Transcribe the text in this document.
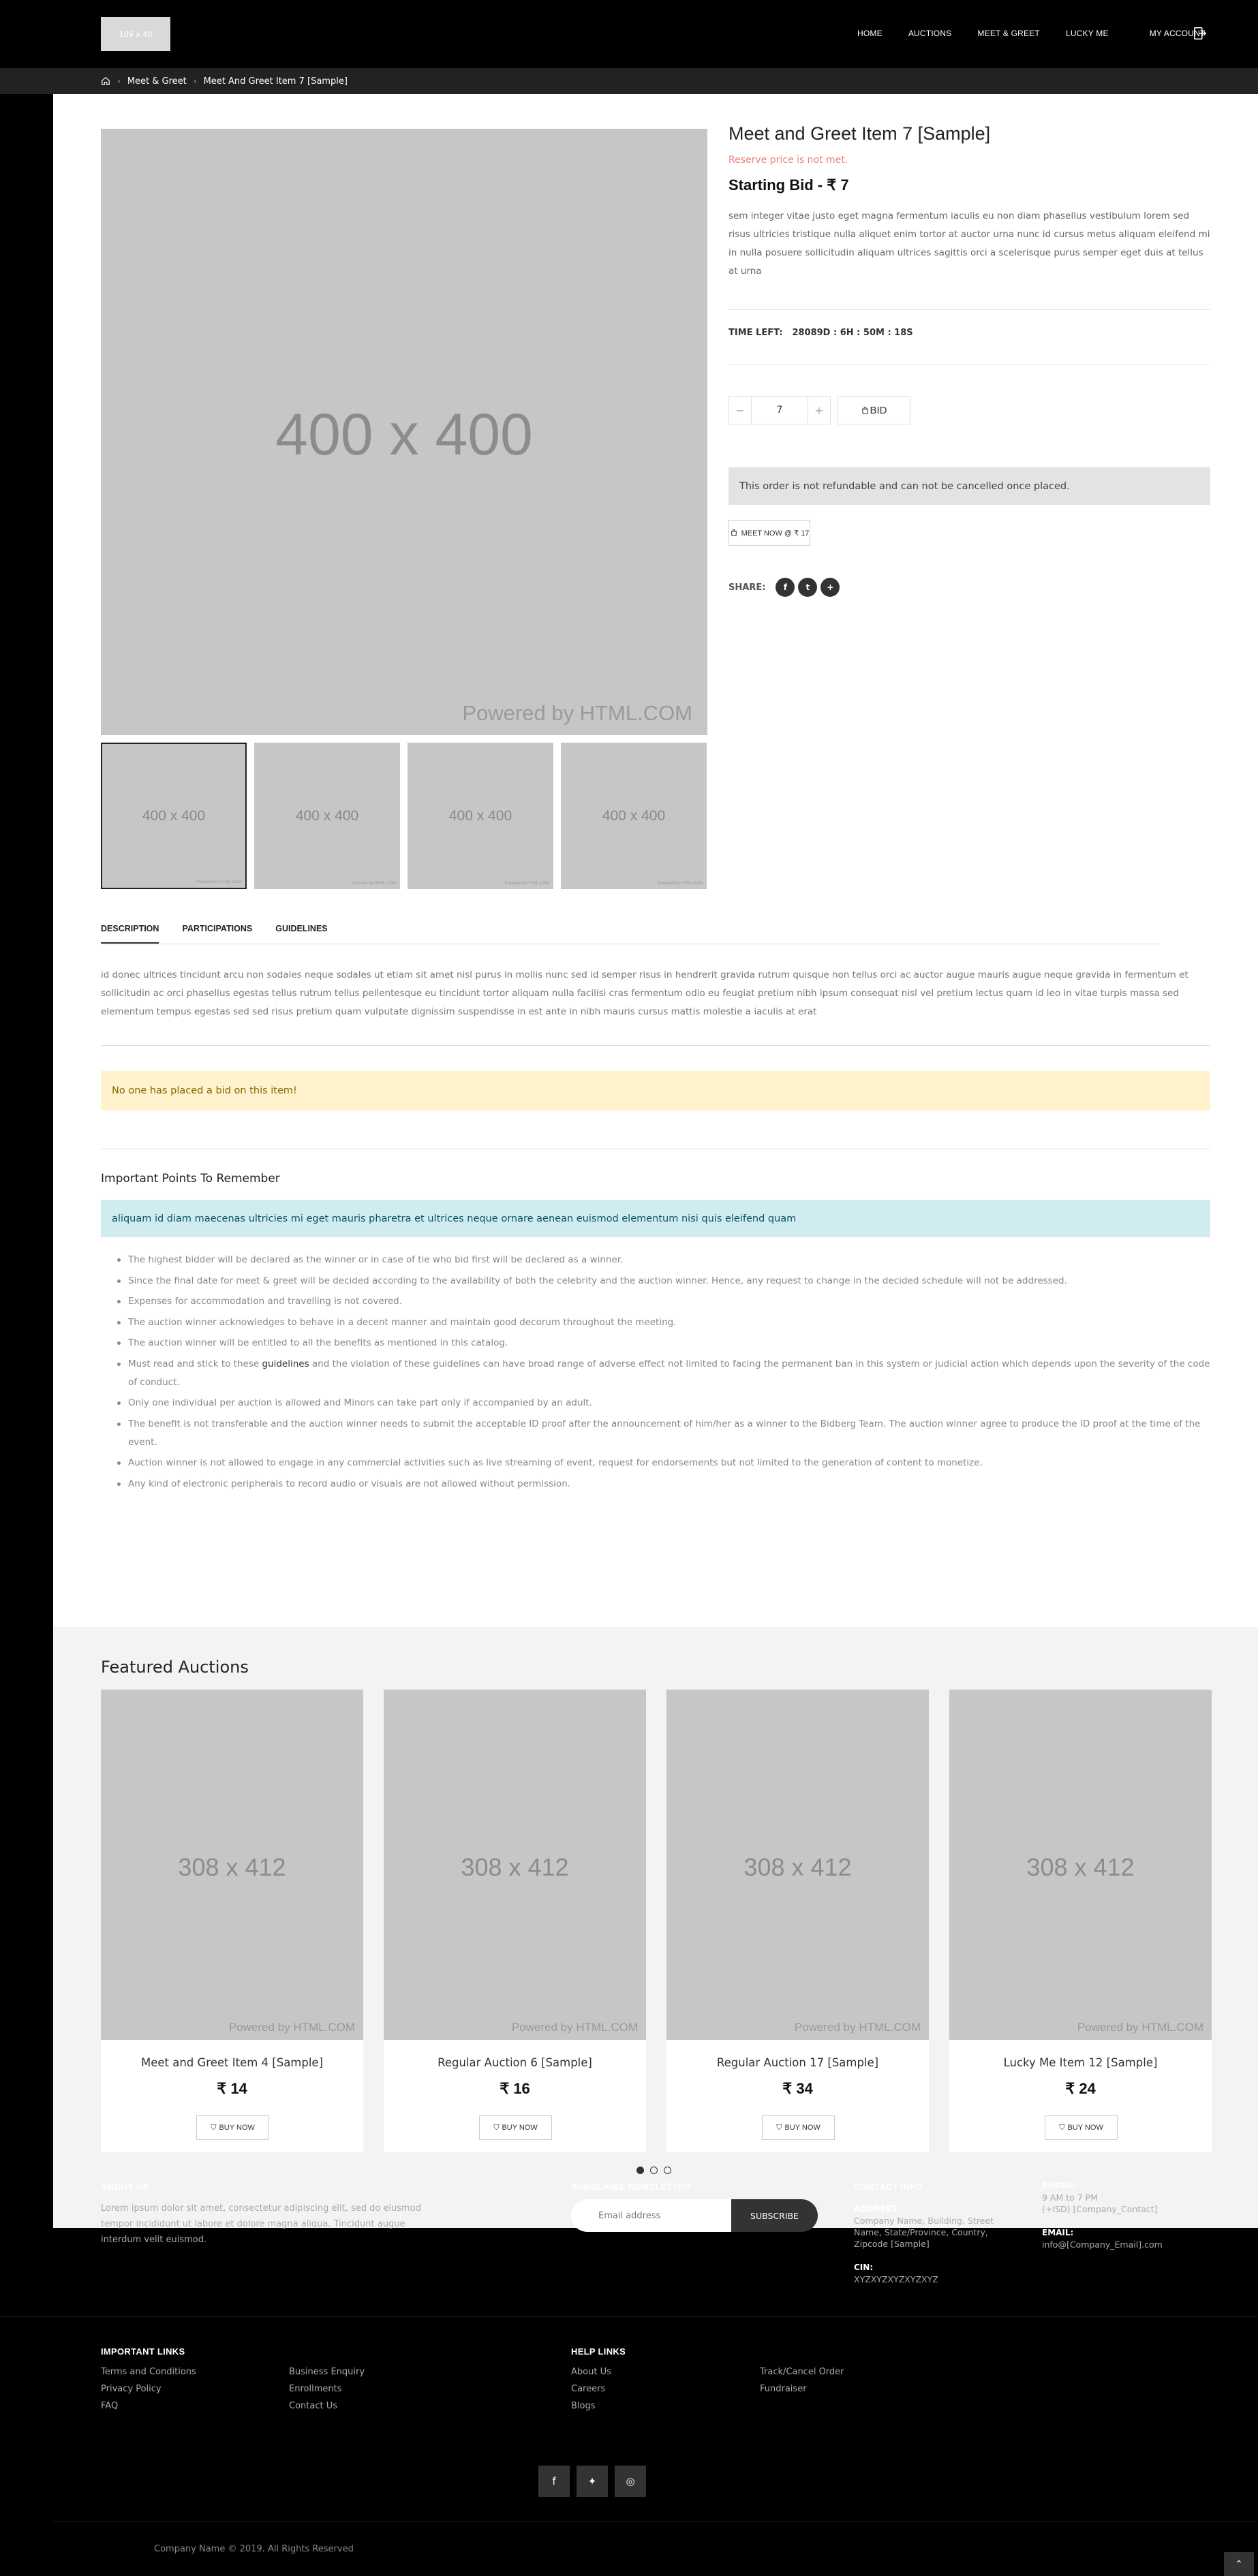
109 x 40	HOME	AUCTIONS	MEET & GREET	LUCKY ME	MY ACCOUNT
› Meet & Greet › Meet And Greet Item 7 [Sample]
400 x 400
Powered by HTML.COM
400 x 400
Powered by HTML.COM
400 x 400
Powered by HTML.COM
400 x 400
Powered by HTML.COM
400 x 400
Powered by HTML.COM
Meet and Greet Item 7 [Sample]
Reserve price is not met.
Starting Bid - ₹ 7
sem integer vitae justo eget magna fermentum iaculis eu non diam phasellus vestibulum lorem sed risus ultricies tristique nulla aliquet enim tortor at auctor urna nunc id cursus metus aliquam eleifend mi in nulla posuere sollicitudin aliquam ultrices sagittis orci a scelerisque purus semper eget duis at tellus at urna
TIME LEFT: 28089D : 6H : 50M : 18S
−	7	+	BID
This order is not refundable and can not be cancelled once placed.
MEET NOW @ ₹ 17
SHARE:	f	t	+
DESCRIPTION	PARTICIPATIONS	GUIDELINES
id donec ultrices tincidunt arcu non sodales neque sodales ut etiam sit amet nisl purus in mollis nunc sed id semper risus in hendrerit gravida rutrum quisque non tellus orci ac auctor augue mauris augue neque gravida in fermentum et sollicitudin ac orci phasellus egestas tellus rutrum tellus pellentesque eu tincidunt tortor aliquam nulla facilisi cras fermentum odio eu feugiat pretium nibh ipsum consequat nisl vel pretium lectus quam id leo in vitae turpis massa sed elementum tempus egestas sed sed risus pretium quam vulputate dignissim suspendisse in est ante in nibh mauris cursus mattis molestie a iaculis at erat
No one has placed a bid on this item!
Important Points To Remember
aliquam id diam maecenas ultricies mi eget mauris pharetra et ultrices neque ornare aenean euismod elementum nisi quis eleifend quam
The highest bidder will be declared as the winner or in case of tie who bid first will be declared as a winner.
Since the final date for meet & greet will be decided according to the availability of both the celebrity and the auction winner. Hence, any request to change in the decided schedule will not be addressed.
Expenses for accommodation and travelling is not covered.
The auction winner acknowledges to behave in a decent manner and maintain good decorum throughout the meeting.
The auction winner will be entitled to all the benefits as mentioned in this catalog.
Must read and stick to these guidelines and the violation of these guidelines can have broad range of adverse effect not limited to facing the permanent ban in this system or judicial action which depends upon the severity of the code of conduct.
Only one individual per auction is allowed and Minors can take part only if accompanied by an adult.
The benefit is not transferable and the auction winner needs to submit the acceptable ID proof after the announcement of him/her as a winner to the Bidberg Team. The auction winner agree to produce the ID proof at the time of the event.
Auction winner is not allowed to engage in any commercial activities such as live streaming of event, request for endorsements but not limited to the generation of content to monetize.
Any kind of electronic peripherals to record audio or visuals are not allowed without permission.
Featured Auctions
308 x 412
Powered by HTML.COM
Meet and Greet Item 4 [Sample]
₹ 14
⛉ BUY NOW
308 x 412
Powered by HTML.COM
Regular Auction 6 [Sample]
₹ 16
⛉ BUY NOW
308 x 412
Powered by HTML.COM
Regular Auction 17 [Sample]
₹ 34
⛉ BUY NOW
308 x 412
Powered by HTML.COM
Lucky Me Item 12 [Sample]
₹ 24
⛉ BUY NOW
ABOUT US
Lorem ipsum dolor sit amet, consectetur adipiscing elit, sed do eiusmod tempor incididunt ut labore et dolore magna aliqua. Tincidunt augue interdum velit euismod.
SUBSCRIBE NEWSLETTER
Email address
SUBSCRIBE
CONTACT INFO
ADDRESS:
Company Name, Building, Street Name, State/Province, Country, Zipcode [Sample]
CIN:
XYZXYZXYZXYZXYZ
PHONE:
9 AM to 7 PM
(+ISD) [Company_Contact]
EMAIL:
info@[Company_Email].com
IMPORTANT LINKS
Terms and Conditions
Privacy Policy
FAQ
Business Enquiry
Enrollments
Contact Us
HELP LINKS
About Us
Careers
Blogs
Track/Cancel Order
Fundraiser
f	✦	◎
Company Name © 2019. All Rights Reserved
⌃
